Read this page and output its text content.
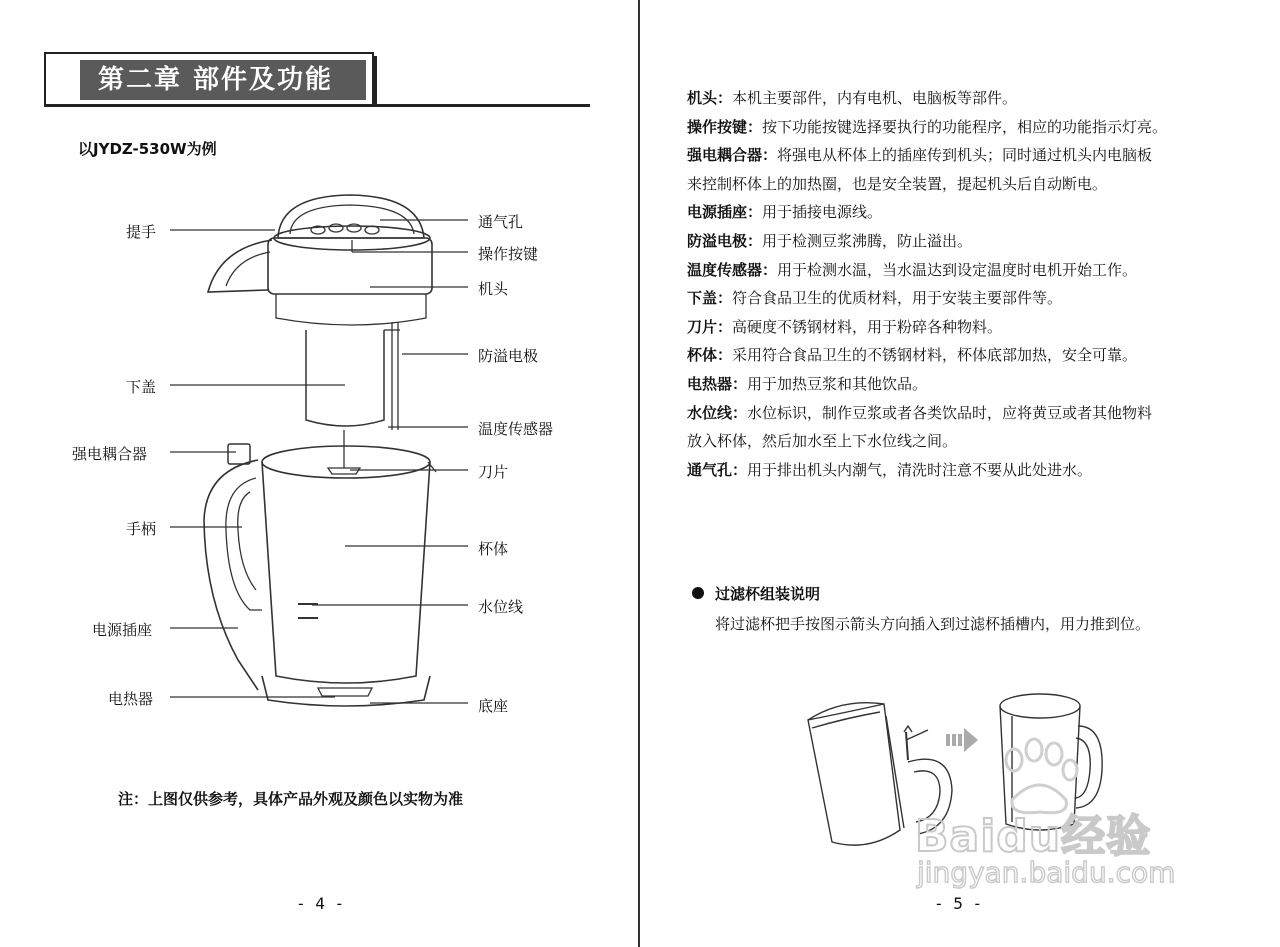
第二章 部件及功能
以JYDZ-530W为例
提手
下盖
强电耦合器
手柄
电源插座
电热器
通气孔
操作按键
机头
防溢电极
温度传感器
刀片
杯体
水位线
底座
注：上图仅供参考，具体产品外观及颜色以实物为准
- 4 -
机头：本机主要部件，内有电机、电脑板等部件。
操作按键：按下功能按键选择要执行的功能程序，相应的功能指示灯亮。
强电耦合器：将强电从杯体上的插座传到机头；同时通过机头内电脑板
来控制杯体上的加热圈，也是安全装置，提起机头后自动断电。
电源插座：用于插接电源线。
防溢电极：用于检测豆浆沸腾，防止溢出。
温度传感器：用于检测水温，当水温达到设定温度时电机开始工作。
下盖：符合食品卫生的优质材料，用于安装主要部件等。
刀片：高硬度不锈钢材料，用于粉碎各种物料。
杯体：采用符合食品卫生的不锈钢材料，杯体底部加热，安全可靠。
电热器：用于加热豆浆和其他饮品。
水位线：水位标识，制作豆浆或者各类饮品时，应将黄豆或者其他物料
放入杯体，然后加水至上下水位线之间。
通气孔：用于排出机头内潮气，清洗时注意不要从此处进水。
过滤杯组装说明
将过滤杯把手按图示箭头方向插入到过滤杯插槽内，用力推到位。
Baidu经验
jingyan.baidu.com
- 5 -
